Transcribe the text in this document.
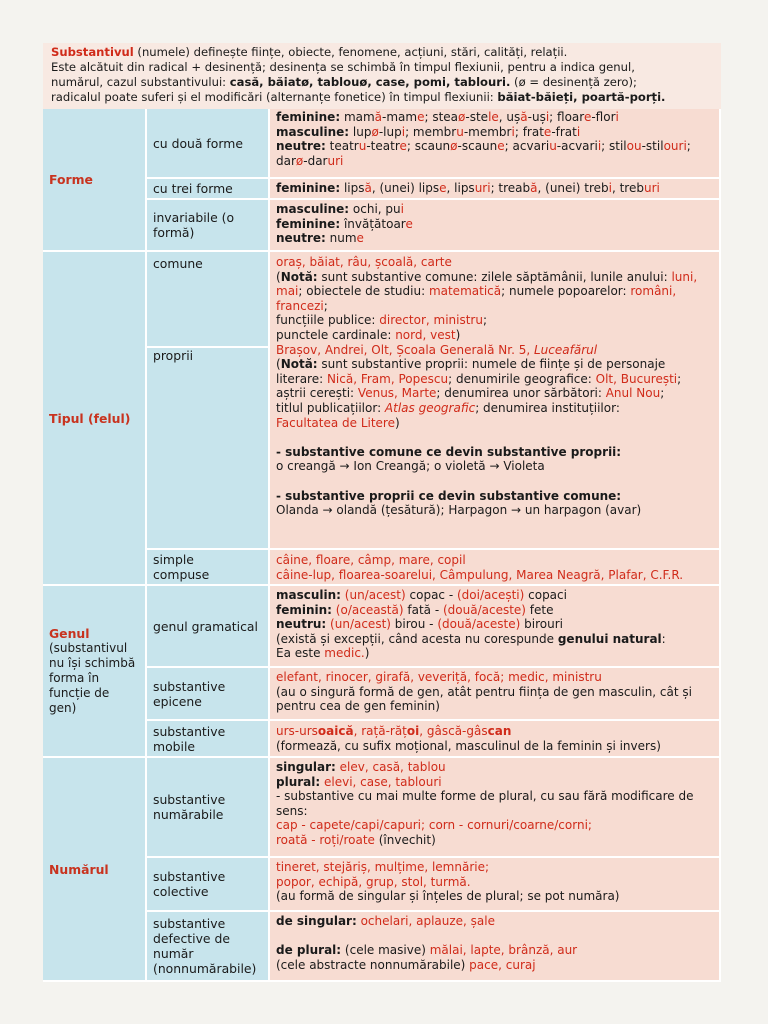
Substantivul (numele) definește ființe, obiecte, fenomene, acțiuni, stări, calități, relații.
Este alcătuit din radical + desinență; desinența se schimbă în timpul flexiunii, pentru a indica genul,
numărul, cazul substantivului: casă, băiatø, tablouø, case, pomi, tablouri. (ø = desinență zero);
radicalul poate suferi și el modificări (alternanțe fonetice) în timpul flexiunii: băiat-băieți, poartă-porți.
Forme
cu două forme
feminine: mamă-mame; steaø-stele, ușă-uși; floare-flori
masculine: lupø-lupi; membru-membri; frate-frati
neutre: teatru-teatre; scaunø-scaune; acvariu-acvarii; stilou-stilouri;
darø-daruri
cu trei forme	feminine: lipsă, (unei) lipse, lipsuri; treabă, (unei) trebi, treburi
invariabile (o formă)
masculine: ochi, pui
feminine: învățătoare
neutre: nume
Tipul (felul)
comune	oraș, băiat, râu, școală, carte
(Notă: sunt substantive comune: zilele săptămânii, lunile anului: luni,
mai; obiectele de studiu: matematică; numele popoarelor: români,
francezi;
funcțiile publice: director, ministru;
punctele cardinale: nord, vest)
Brașov, Andrei, Olt, Școala Generală Nr. 5, Luceafărul
(Notă: sunt substantive proprii: numele de ființe și de personaje
literare: Nică, Fram, Popescu; denumirile geografice: Olt, București;
aștrii cerești: Venus, Marte; denumirea unor sărbători: Anul Nou;
titlul publicațiilor: Atlas geografic; denumirea instituțiilor:
Facultatea de Litere)
- substantive comune ce devin substantive proprii:
o creangă → Ion Creangă; o violetă → Violeta
- substantive proprii ce devin substantive comune:
Olanda → olandă (țesătură); Harpagon → un harpagon (avar)
proprii
simple
compuse
câine, floare, câmp, mare, copil
câine-lup, floarea-soarelui, Câmpulung, Marea Neagră, Plafar, C.F.R.
Genul
(substantivul nu își schimbă forma în funcție de gen)
genul gramatical
masculin: (un/acest) copac - (doi/acești) copaci
feminin: (o/această) fată - (două/aceste) fete
neutru: (un/acest) birou - (două/aceste) birouri
(există și excepții, când acesta nu corespunde genului natural:
Ea este medic.)
substantive epicene
elefant, rinocer, girafă, veveriță, focă; medic, ministru
(au o singură formă de gen, atât pentru ființa de gen masculin, cât și pentru cea de gen feminin)
substantive mobile
urs-ursoaică, rață-rățoi, gâscă-gâscan
(formează, cu sufix moțional, masculinul de la feminin și invers)
Numărul
substantive numărabile
singular: elev, casă, tablou
plural: elevi, case, tablouri
- substantive cu mai multe forme de plural, cu sau fără modificare de sens:
cap - capete/capi/capuri; corn - cornuri/coarne/corni;
roată - roți/roate (învechit)
substantive colective
tineret, stejăriș, mulțime, lemnărie;
popor, echipă, grup, stol, turmă.
(au formă de singular și înțeles de plural; se pot număra)
substantive defective de număr (nonnumărabile)
de singular: ochelari, aplauze, șale
de plural: (cele masive) mălai, lapte, brânză, aur
(cele abstracte nonnumărabile) pace, curaj
